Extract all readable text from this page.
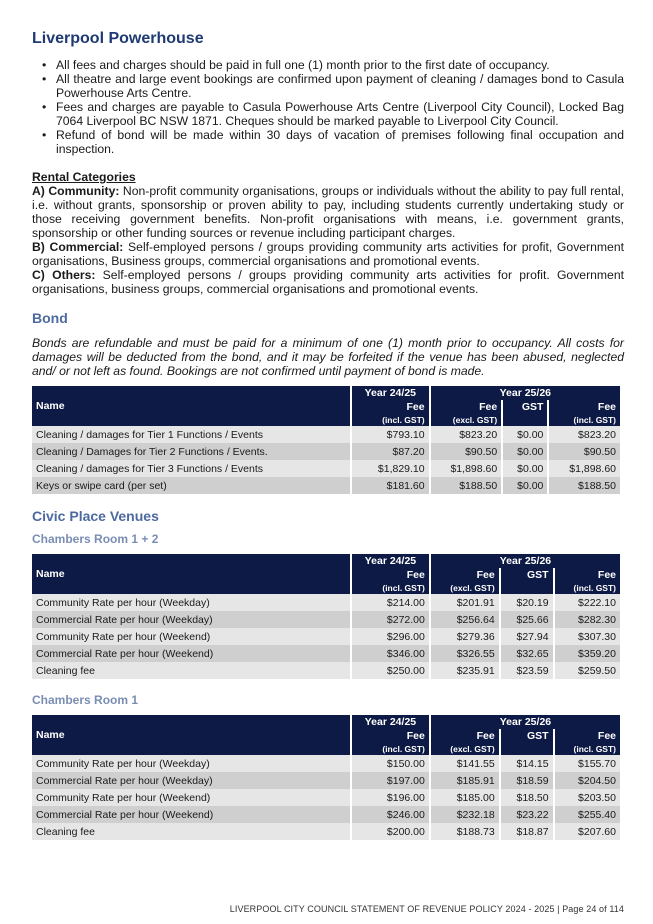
Liverpool Powerhouse
• All fees and charges should be paid in full one (1) month prior to the first date of occupancy.
• All theatre and large event bookings are confirmed upon payment of cleaning / damages bond to Casula Powerhouse Arts Centre.
• Fees and charges are payable to Casula Powerhouse Arts Centre (Liverpool City Council), Locked Bag 7064 Liverpool BC NSW 1871. Cheques should be marked payable to Liverpool City Council.
• Refund of bond will be made within 30 days of vacation of premises following final occupation and inspection.
Rental Categories
A) Community: Non-profit community organisations, groups or individuals without the ability to pay full rental, i.e. without grants, sponsorship or proven ability to pay, including students currently undertaking study or those receiving government benefits. Non-profit organisations with means, i.e. government grants, sponsorship or other funding sources or revenue including participant charges.
B) Commercial: Self-employed persons / groups providing community arts activities for profit, Government organisations, Business groups, commercial organisations and promotional events.
C) Others: Self-employed persons / groups providing community arts activities for profit. Government organisations, business groups, commercial organisations and promotional events.
Bond

Bonds are refundable and must be paid for a minimum of one (1) month prior to occupancy. All costs for damages will be deducted from the bond, and it may be forfeited if the venue has been abused, neglected and/ or not left as found. Bookings are not confirmed until payment of bond is made.

Name	Year 24/25	Year 25/26		
	Fee	Fee	GST	Fee
	(incl. GST)	(excl. GST)		(incl. GST)
Cleaning / damages for Tier 1 Functions / Events	$793.10	$823.20	$0.00	$823.20
Cleaning / Damages for Tier 2 Functions / Events.	$87.20	$90.50	$0.00	$90.50
Cleaning / damages for Tier 3 Functions / Events	$1,829.10	$1,898.60	$0.00	$1,898.60
Keys or swipe card (per set)	$181.60	$188.50	$0.00	$188.50
Civic Place Venues
Chambers Room 1 + 2
Name	Year 24/25	Year 25/26		
	Fee	Fee	GST	Fee
	(incl. GST)	(excl. GST)		(incl. GST)
Community Rate per hour (Weekday)	$214.00	$201.91	$20.19	$222.10
Commercial Rate per hour (Weekday)	$272.00	$256.64	$25.66	$282.30
Community Rate per hour (Weekend)	$296.00	$279.36	$27.94	$307.30
Commercial Rate per hour (Weekend)	$346.00	$326.55	$32.65	$359.20
Cleaning fee	$250.00	$235.91	$23.59	$259.50
Chambers Room 1
Name	Year 24/25	Year 25/26		
	Fee	Fee	GST	Fee
	(incl. GST)	(excl. GST)		(incl. GST)
Community Rate per hour (Weekday)	$150.00	$141.55	$14.15	$155.70
Commercial Rate per hour (Weekday)	$197.00	$185.91	$18.59	$204.50
Community Rate per hour (Weekend)	$196.00	$185.00	$18.50	$203.50
Commercial Rate per hour (Weekend)	$246.00	$232.18	$23.22	$255.40
Cleaning fee	$200.00	$188.73	$18.87	$207.60
LIVERPOOL CITY COUNCIL STATEMENT OF REVENUE POLICY 2024 - 2025 | Page 24 of 114
